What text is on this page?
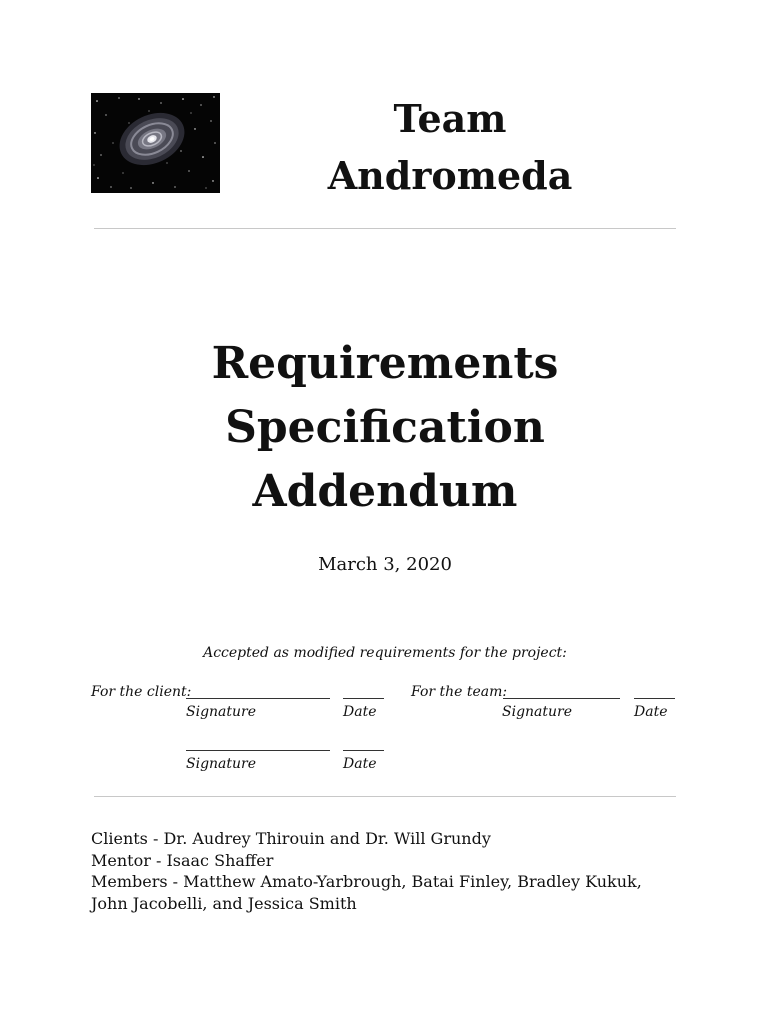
Team
Andromeda
Requirements
Specification
Addendum
March 3, 2020
Accepted as modified requirements for the project:
For the client:
Signature	Date
For the team:
Signature	Date
Signature	Date
Clients - Dr. Audrey Thirouin and Dr. Will Grundy
Mentor - Isaac Shaffer
Members - Matthew Amato-Yarbrough, Batai Finley, Bradley Kukuk, John Jacobelli, and Jessica Smith
